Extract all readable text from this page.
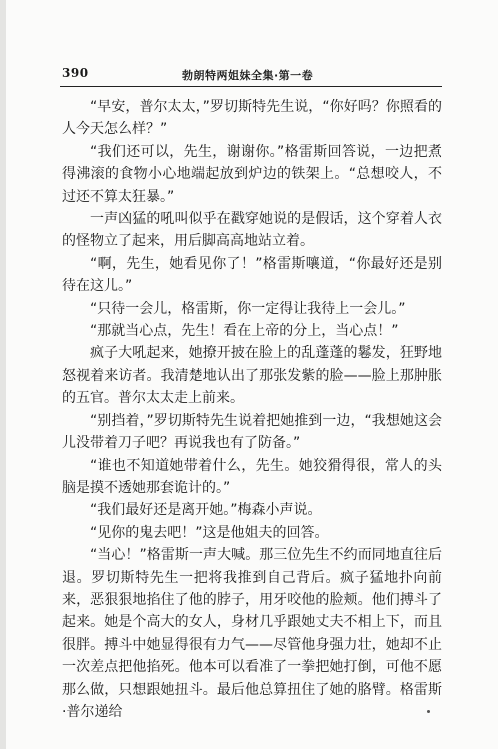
390	勃朗特两姐妹全集·第一卷

“早安，普尔太太，”罗切斯特先生说，“你好吗？你照看的人今天怎么样？”

“我们还可以，先生，谢谢你。”格雷斯回答说，一边把煮得沸滚的食物小心地端起放到炉边的铁架上。“总想咬人，不过还不算太狂暴。”

一声凶猛的吼叫似乎在戳穿她说的是假话，这个穿着人衣的怪物立了起来，用后脚高高地站立着。

“啊，先生，她看见你了！”格雷斯嚷道，“你最好还是别待在这儿。”

“只待一会儿，格雷斯，你一定得让我待上一会儿。”

“那就当心点，先生！看在上帝的分上，当心点！”

疯子大吼起来，她撩开披在脸上的乱蓬蓬的鬈发，狂野地怒视着来访者。我清楚地认出了那张发紫的脸——脸上那肿胀的五官。普尔太太走上前来。

“别挡着，”罗切斯特先生说着把她推到一边，“我想她这会儿没带着刀子吧？再说我也有了防备。”

“谁也不知道她带着什么，先生。她狡猾得很，常人的头脑是摸不透她那套诡计的。”

“我们最好还是离开她。”梅森小声说。

“见你的鬼去吧！”这是他姐夫的回答。

“当心！”格雷斯一声大喊。那三位先生不约而同地直往后退。罗切斯特先生一把将我推到自己背后。疯子猛地扑向前来，恶狠狠地掐住了他的脖子，用牙咬他的脸颊。他们搏斗了起来。她是个高大的女人，身材几乎跟她丈夫不相上下，而且很胖。搏斗中她显得很有力气——尽管他身强力壮，她却不止一次差点把他掐死。他本可以看准了一拳把她打倒，可他不愿那么做，只想跟她扭斗。最后他总算扭住了她的胳臂。格雷斯·普尔递给
